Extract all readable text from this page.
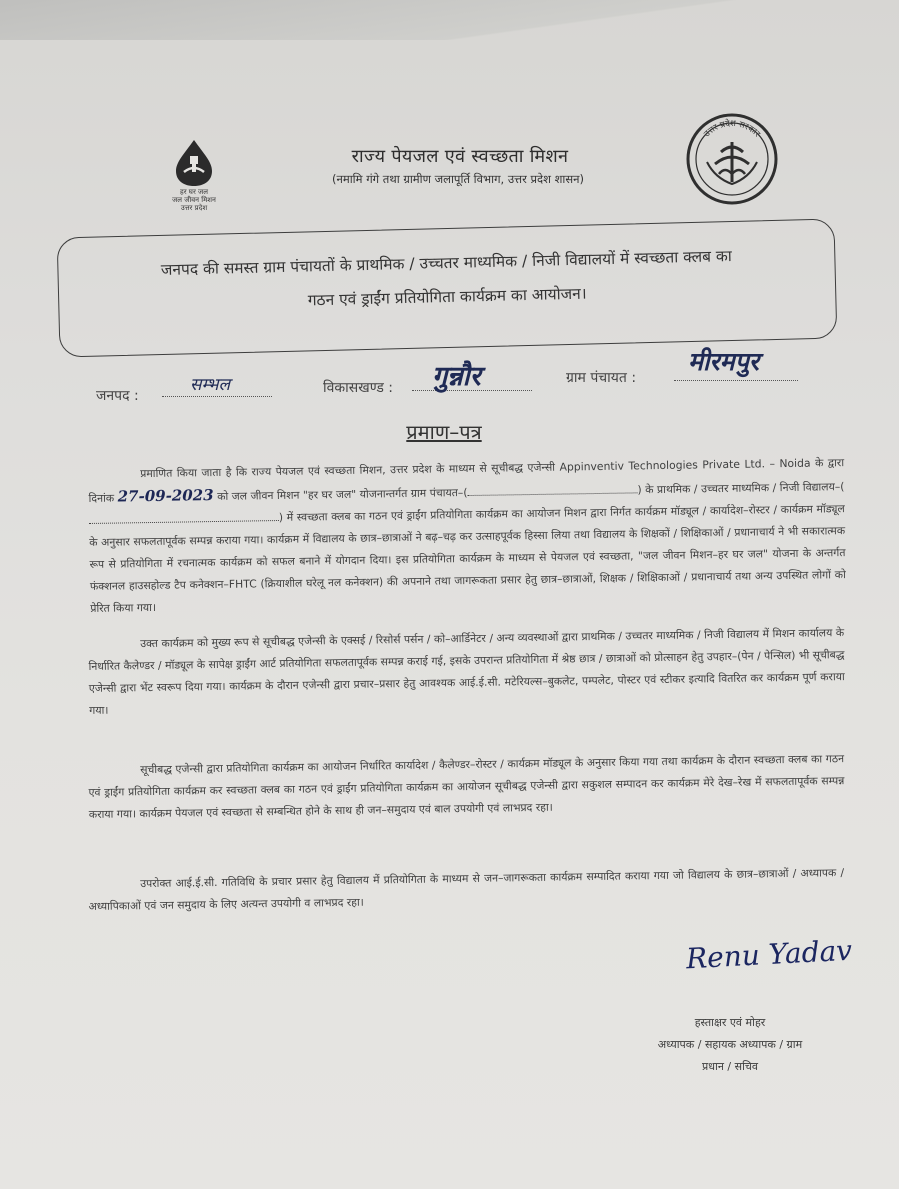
हर घर जल
जल जीवन मिशन
उत्तर प्रदेश
उत्तर प्रदेश सरकार
राज्य पेयजल एवं स्वच्छता मिशन
(नमामि गंगे तथा ग्रामीण जलापूर्ति विभाग, उत्तर प्रदेश शासन)
जनपद की समस्त ग्राम पंचायतों के प्राथमिक / उच्चतर माध्यमिक / निजी विद्यालयों में स्वच्छता क्लब का
गठन एवं ड्राईंग प्रतियोगिता कार्यक्रम का आयोजन।
जनपद :
सम्भल	विकासखण्ड : गुन्नौर	ग्राम पंचायत :
मीरमपुर
प्रमाण–पत्र
प्रमाणित किया जाता है कि राज्य पेयजल एवं स्वच्छता मिशन, उत्तर प्रदेश के माध्यम से सूचीबद्ध एजेन्सी Appinventiv Technologies Private Ltd. – Noida के द्वारा दिनांक 27-09-2023 को जल जीवन मिशन "हर घर जल" योजनान्तर्गत ग्राम पंचायत–(	) के प्राथमिक / उच्चतर माध्यमिक / निजी विद्यालय–() में स्वच्छता क्लब का गठन एवं ड्राईंग प्रतियोगिता कार्यक्रम का आयोजन मिशन द्वारा निर्गत कार्यक्रम मॉड्यूल / कार्यादेश–रोस्टर / कार्यक्रम मॉड्यूल के अनुसार सफलतापूर्वक सम्पन्न कराया गया। कार्यक्रम में विद्यालय के छात्र–छात्राओं ने बढ़–चढ़ कर उत्साहपूर्वक हिस्सा लिया तथा विद्यालय के शिक्षकों / शिक्षिकाओं / प्रधानाचार्य ने भी सकारात्मक रूप से प्रतियोगिता में रचनात्मक कार्यक्रम को सफल बनाने में योगदान दिया। इस प्रतियोगिता कार्यक्रम के माध्यम से पेयजल एवं स्वच्छता, "जल जीवन मिशन–हर घर जल" योजना के अन्तर्गत फंक्शनल हाउसहोल्ड टैप कनेक्शन–FHTC (क्रियाशील घरेलू नल कनेक्शन) की अपनाने तथा जागरूकता प्रसार हेतु छात्र–छात्राओं, शिक्षक / शिक्षिकाओं / प्रधानाचार्य तथा अन्य उपस्थित लोगों को प्रेरित किया गया।
उक्त कार्यक्रम को मुख्य रूप से सूचीबद्ध एजेन्सी के एक्सई / रिसोर्स पर्सन / को–आर्डिनेटर / अन्य व्यवस्थाओं द्वारा प्राथमिक / उच्चतर माध्यमिक / निजी विद्यालय में मिशन कार्यालय के निर्धारित कैलेण्डर / मॉड्यूल के सापेक्ष ड्राईंग आर्ट प्रतियोगिता सफलतापूर्वक सम्पन्न कराई गई, इसके उपरान्त प्रतियोगिता में श्रेष्ठ छात्र / छात्राओं को प्रोत्साहन हेतु उपहार–(पेन / पेन्सिल) भी सूचीबद्ध एजेन्सी द्वारा भेंट स्वरूप दिया गया। कार्यक्रम के दौरान एजेन्सी द्वारा प्रचार–प्रसार हेतु आवश्यक आई.ई.सी. मटेरियल्स–बुकलेट, पम्पलेट, पोस्टर एवं स्टीकर इत्यादि वितरित कर कार्यक्रम पूर्ण कराया गया।
सूचीबद्ध एजेन्सी द्वारा प्रतियोगिता कार्यक्रम का आयोजन निर्धारित कार्यादेश / कैलेण्डर–रोस्टर / कार्यक्रम मॉड्यूल के अनुसार किया गया तथा कार्यक्रम के दौरान स्वच्छता क्लब का गठन एवं ड्राईंग प्रतियोगिता कार्यक्रम कर स्वच्छता क्लब का गठन एवं ड्राईंग प्रतियोगिता कार्यक्रम का आयोजन सूचीबद्ध एजेन्सी द्वारा सकुशल सम्पादन कर कार्यक्रम मेरे देख–रेख में सफलतापूर्वक सम्पन्न कराया गया। कार्यक्रम पेयजल एवं स्वच्छता से सम्बन्धित होने के साथ ही जन–समुदाय एवं बाल उपयोगी एवं लाभप्रद रहा।
उपरोक्त आई.ई.सी. गतिविधि के प्रचार प्रसार हेतु विद्यालय में प्रतियोगिता के माध्यम से जन–जागरूकता कार्यक्रम सम्पादित कराया गया जो विद्यालय के छात्र–छात्राओं / अध्यापक / अध्यापिकाओं एवं जन समुदाय के लिए अत्यन्त उपयोगी व लाभप्रद रहा।
Renu Yadav
हस्ताक्षर एवं मोहर
अध्यापक / सहायक अध्यापक / ग्राम
प्रधान / सचिव
